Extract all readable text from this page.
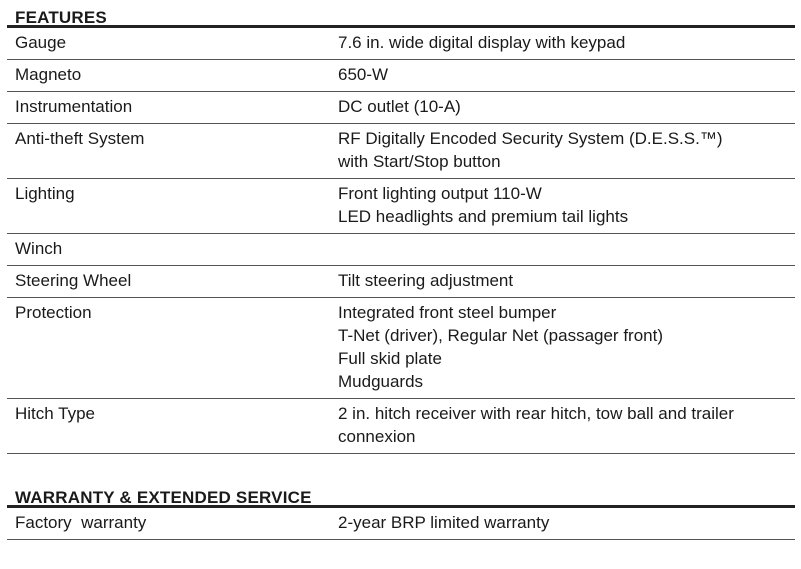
FEATURES
Gauge	7.6 in. wide digital display with keypad

Magneto	650-W

Instrumentation	DC outlet (10-A)

Anti-theft System	RF Digitally Encoded Security System (D.E.S.S.™)
with Start/Stop button

Lighting	Front lighting output 110-W
LED headlights and premium tail lights

Winch	

Steering Wheel	Tilt steering adjustment

Protection	Integrated front steel bumper
T-Net (driver), Regular Net (passager front)
Full skid plate
Mudguards

Hitch Type	2 in. hitch receiver with rear hitch, tow ball and trailer
connexion
WARRANTY & EXTENDED SERVICE
Factory  warranty	2-year BRP limited warranty
